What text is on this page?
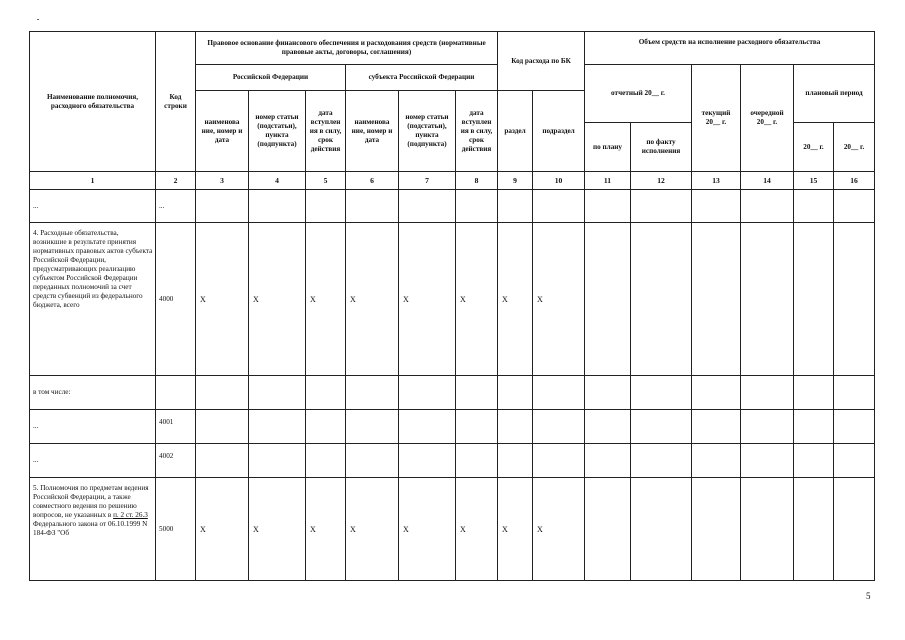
Наименование полномочия, расходного обязательства	Код строки	Правовое основание финансового обеспечения и расходования средств (нормативные правовые акты, договоры, соглашения)						Код расхода по БК		Объем средств на исполнение расходного обязательства					
		Российской Федерации			субъекта Российской Федерации					отчетный 20__ г.		текущий 20__ г.	очередной 20__ г.	плановый период	
		наименова ние, номер и дата	номер статьи (подстатьи), пункта (подпункта)	дата вступлен ия в силу, срок действия	наименова ние, номер и дата	номер статьи (подстатьи), пункта (подпункта)	дата вступлен ия в силу, срок действия	раздел	подраздел						
										по плану	по факту исполнения			20__ г.	20__ г.
1	2	3	4	5	6	7	8	9	10	11	12	13	14	15	16
...	...														
4. Расходные обязательства, возникшие в результате принятия нормативных правовых актов субъекта Российской Федерации, предусматривающих реализацию субъектом Российской Федерации переданных полномочий за счет средств субвенций из федерального бюджета, всего	4000	X	X	X	X	X	X	X	X						
в том числе:															
...	4001														
...	4002														
5. Полномочия по предметам ведения Российской Федерации, а также совместного ведения по решению вопросов, не указанных в п. 2 ст. 26.3 Федерального закона от 06.10.1999 N 184-ФЗ "Об	5000	X	X	X	X	X	X	X	X						
5
